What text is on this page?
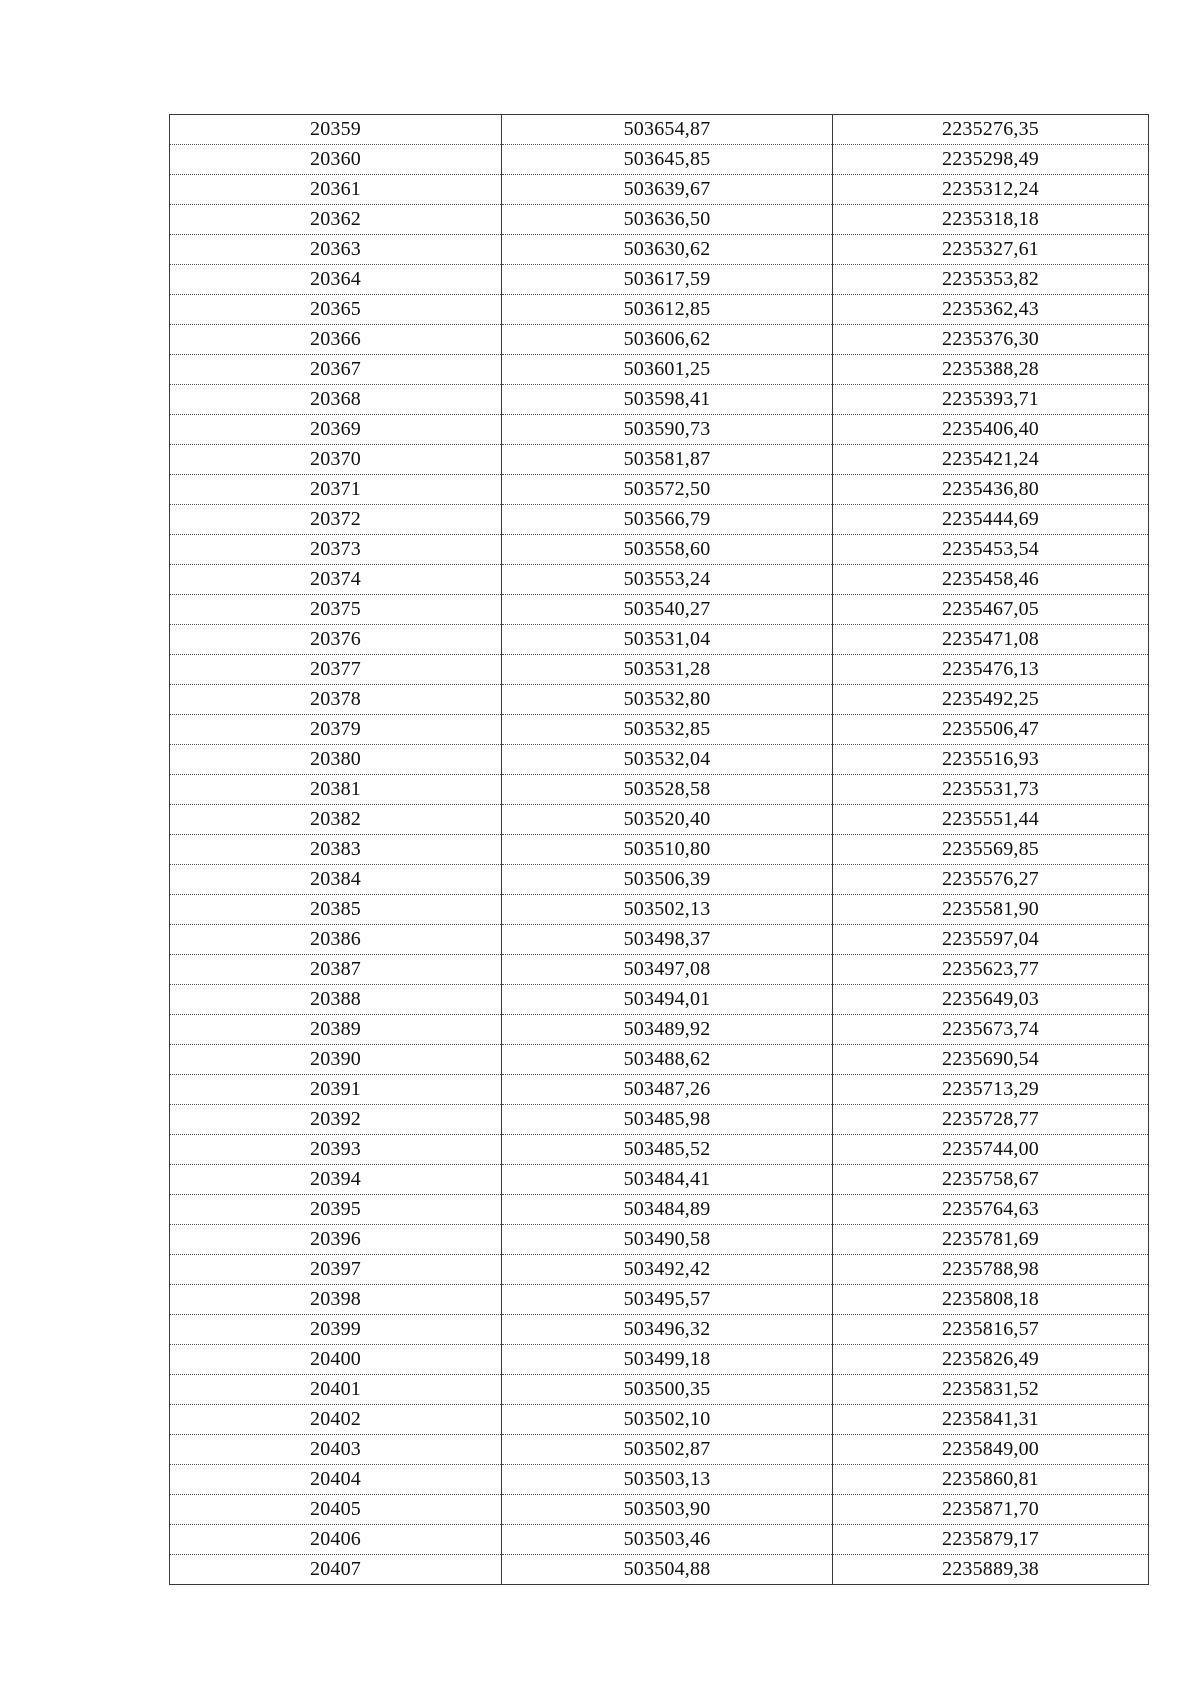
20359	503654,87	2235276,35
20360	503645,85	2235298,49
20361	503639,67	2235312,24
20362	503636,50	2235318,18
20363	503630,62	2235327,61
20364	503617,59	2235353,82
20365	503612,85	2235362,43
20366	503606,62	2235376,30
20367	503601,25	2235388,28
20368	503598,41	2235393,71
20369	503590,73	2235406,40
20370	503581,87	2235421,24
20371	503572,50	2235436,80
20372	503566,79	2235444,69
20373	503558,60	2235453,54
20374	503553,24	2235458,46
20375	503540,27	2235467,05
20376	503531,04	2235471,08
20377	503531,28	2235476,13
20378	503532,80	2235492,25
20379	503532,85	2235506,47
20380	503532,04	2235516,93
20381	503528,58	2235531,73
20382	503520,40	2235551,44
20383	503510,80	2235569,85
20384	503506,39	2235576,27
20385	503502,13	2235581,90
20386	503498,37	2235597,04
20387	503497,08	2235623,77
20388	503494,01	2235649,03
20389	503489,92	2235673,74
20390	503488,62	2235690,54
20391	503487,26	2235713,29
20392	503485,98	2235728,77
20393	503485,52	2235744,00
20394	503484,41	2235758,67
20395	503484,89	2235764,63
20396	503490,58	2235781,69
20397	503492,42	2235788,98
20398	503495,57	2235808,18
20399	503496,32	2235816,57
20400	503499,18	2235826,49
20401	503500,35	2235831,52
20402	503502,10	2235841,31
20403	503502,87	2235849,00
20404	503503,13	2235860,81
20405	503503,90	2235871,70
20406	503503,46	2235879,17
20407	503504,88	2235889,38
